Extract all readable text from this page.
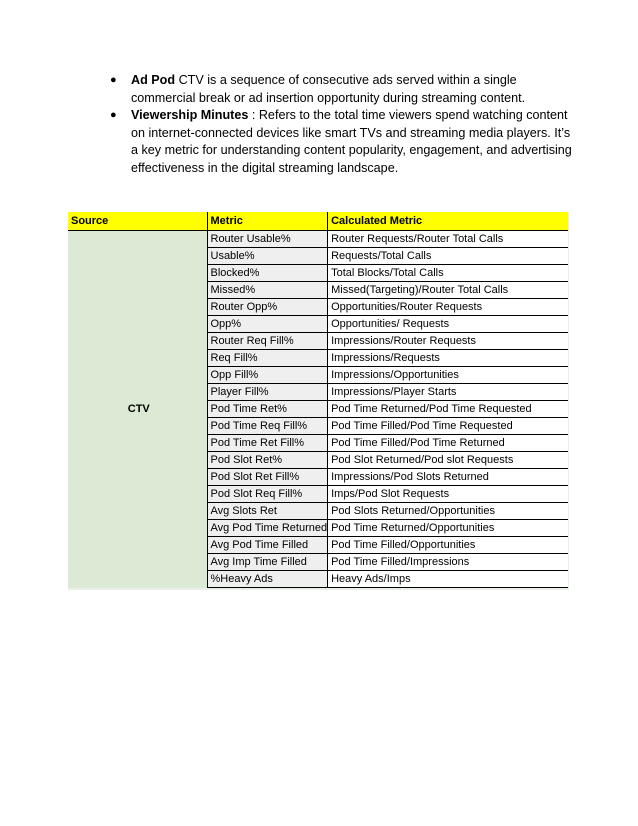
● Ad Pod CTV is a sequence of consecutive ads served within a single commercial break or ad insertion opportunity during streaming content.
● Viewership Minutes : Refers to the total time viewers spend watching content on internet-connected devices like smart TVs and streaming media players. It’s a key metric for understanding content popularity, engagement, and advertising effectiveness in the digital streaming landscape.
Source	Metric	Calculated Metric
CTV	Router Usable%	Router Requests/Router Total Calls
	Usable%	Requests/Total Calls
	Blocked%	Total Blocks/Total Calls
	Missed%	Missed(Targeting)/Router Total Calls
	Router Opp%	Opportunities/Router Requests
	Opp%	Opportunities/ Requests
	Router Req Fill%	Impressions/Router Requests
	Req Fill%	Impressions/Requests
	Opp Fill%	Impressions/Opportunities
	Player Fill%	Impressions/Player Starts
	Pod Time Ret%	Pod Time Returned/Pod Time Requested
	Pod Time Req Fill%	Pod Time Filled/Pod Time Requested
	Pod Time Ret Fill%	Pod Time Filled/Pod Time Returned
	Pod Slot Ret%	Pod Slot Returned/Pod slot Requests
	Pod Slot Ret Fill%	Impressions/Pod Slots Returned
	Pod Slot Req Fill%	Imps/Pod Slot Requests
	Avg Slots Ret	Pod Slots Returned/Opportunities
	Avg Pod Time Returned	Pod Time Returned/Opportunities
	Avg Pod Time Filled	Pod Time Filled/Opportunities
	Avg Imp Time Filled	Pod Time Filled/Impressions
	%Heavy Ads	Heavy Ads/Imps
